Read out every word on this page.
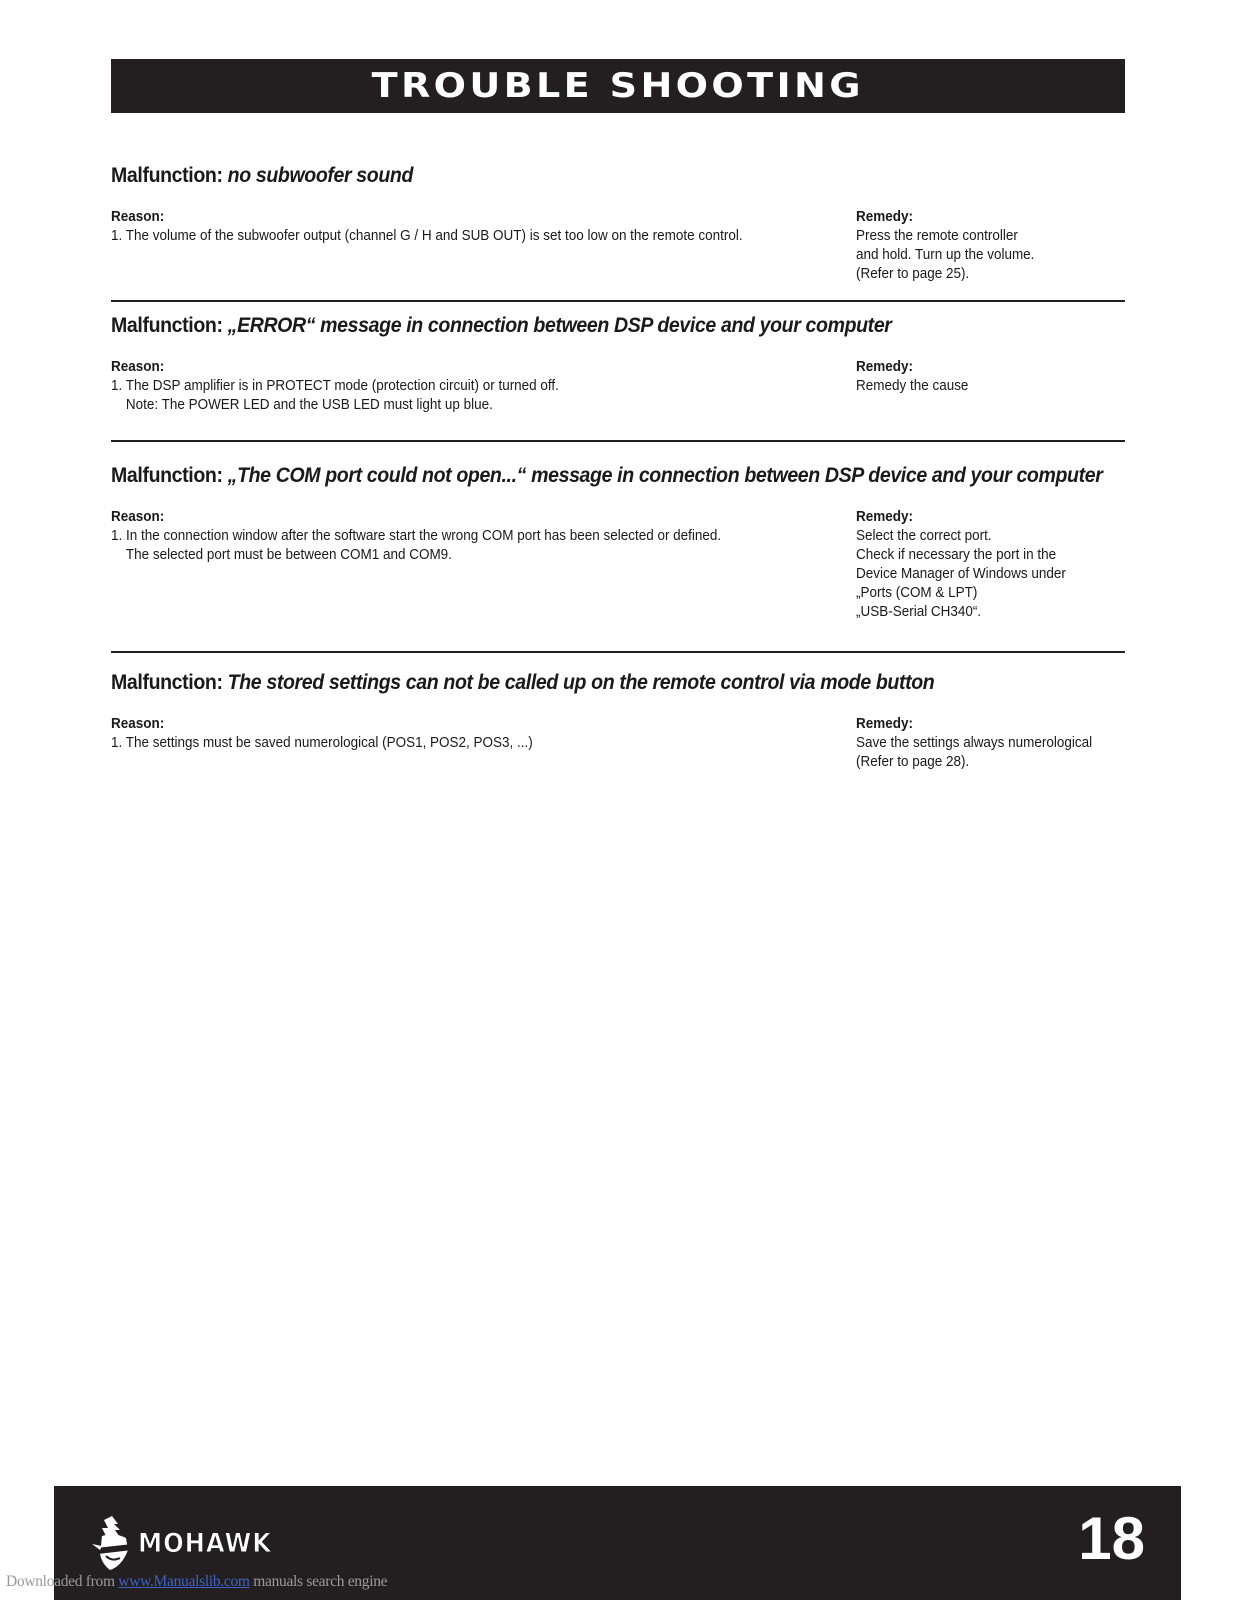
TROUBLE SHOOTING
Malfunction: no subwoofer sound
Reason:
1. The volume of the subwoofer output (channel G / H and SUB OUT) is set too low on the remote control.
Remedy:
Press the remote controller
and hold. Turn up the volume.
(Refer to page 25).
Malfunction: „ERROR“ message in connection between DSP device and your computer
Reason:
1. The DSP amplifier is in PROTECT mode (protection circuit) or turned off.
Note: The POWER LED and the USB LED must light up blue.
Remedy:
Remedy the cause
Malfunction: „The COM port could not open...“ message in connection between DSP device and your computer
Reason:
1. In the connection window after the software start the wrong COM port has been selected or defined.
The selected port must be between COM1 and COM9.
Remedy:
Select the correct port.
Check if necessary the port in the
Device Manager of Windows under
„Ports (COM & LPT)
„USB-Serial CH340“.
Malfunction: The stored settings can not be called up on the remote control via mode button
Reason:
1. The settings must be saved numerological (POS1, POS2, POS3, ...)
Remedy:
Save the settings always numerological
(Refer to page 28).
MOHAWK®	18
Downloaded from www.Manualslib.com manuals search engine
